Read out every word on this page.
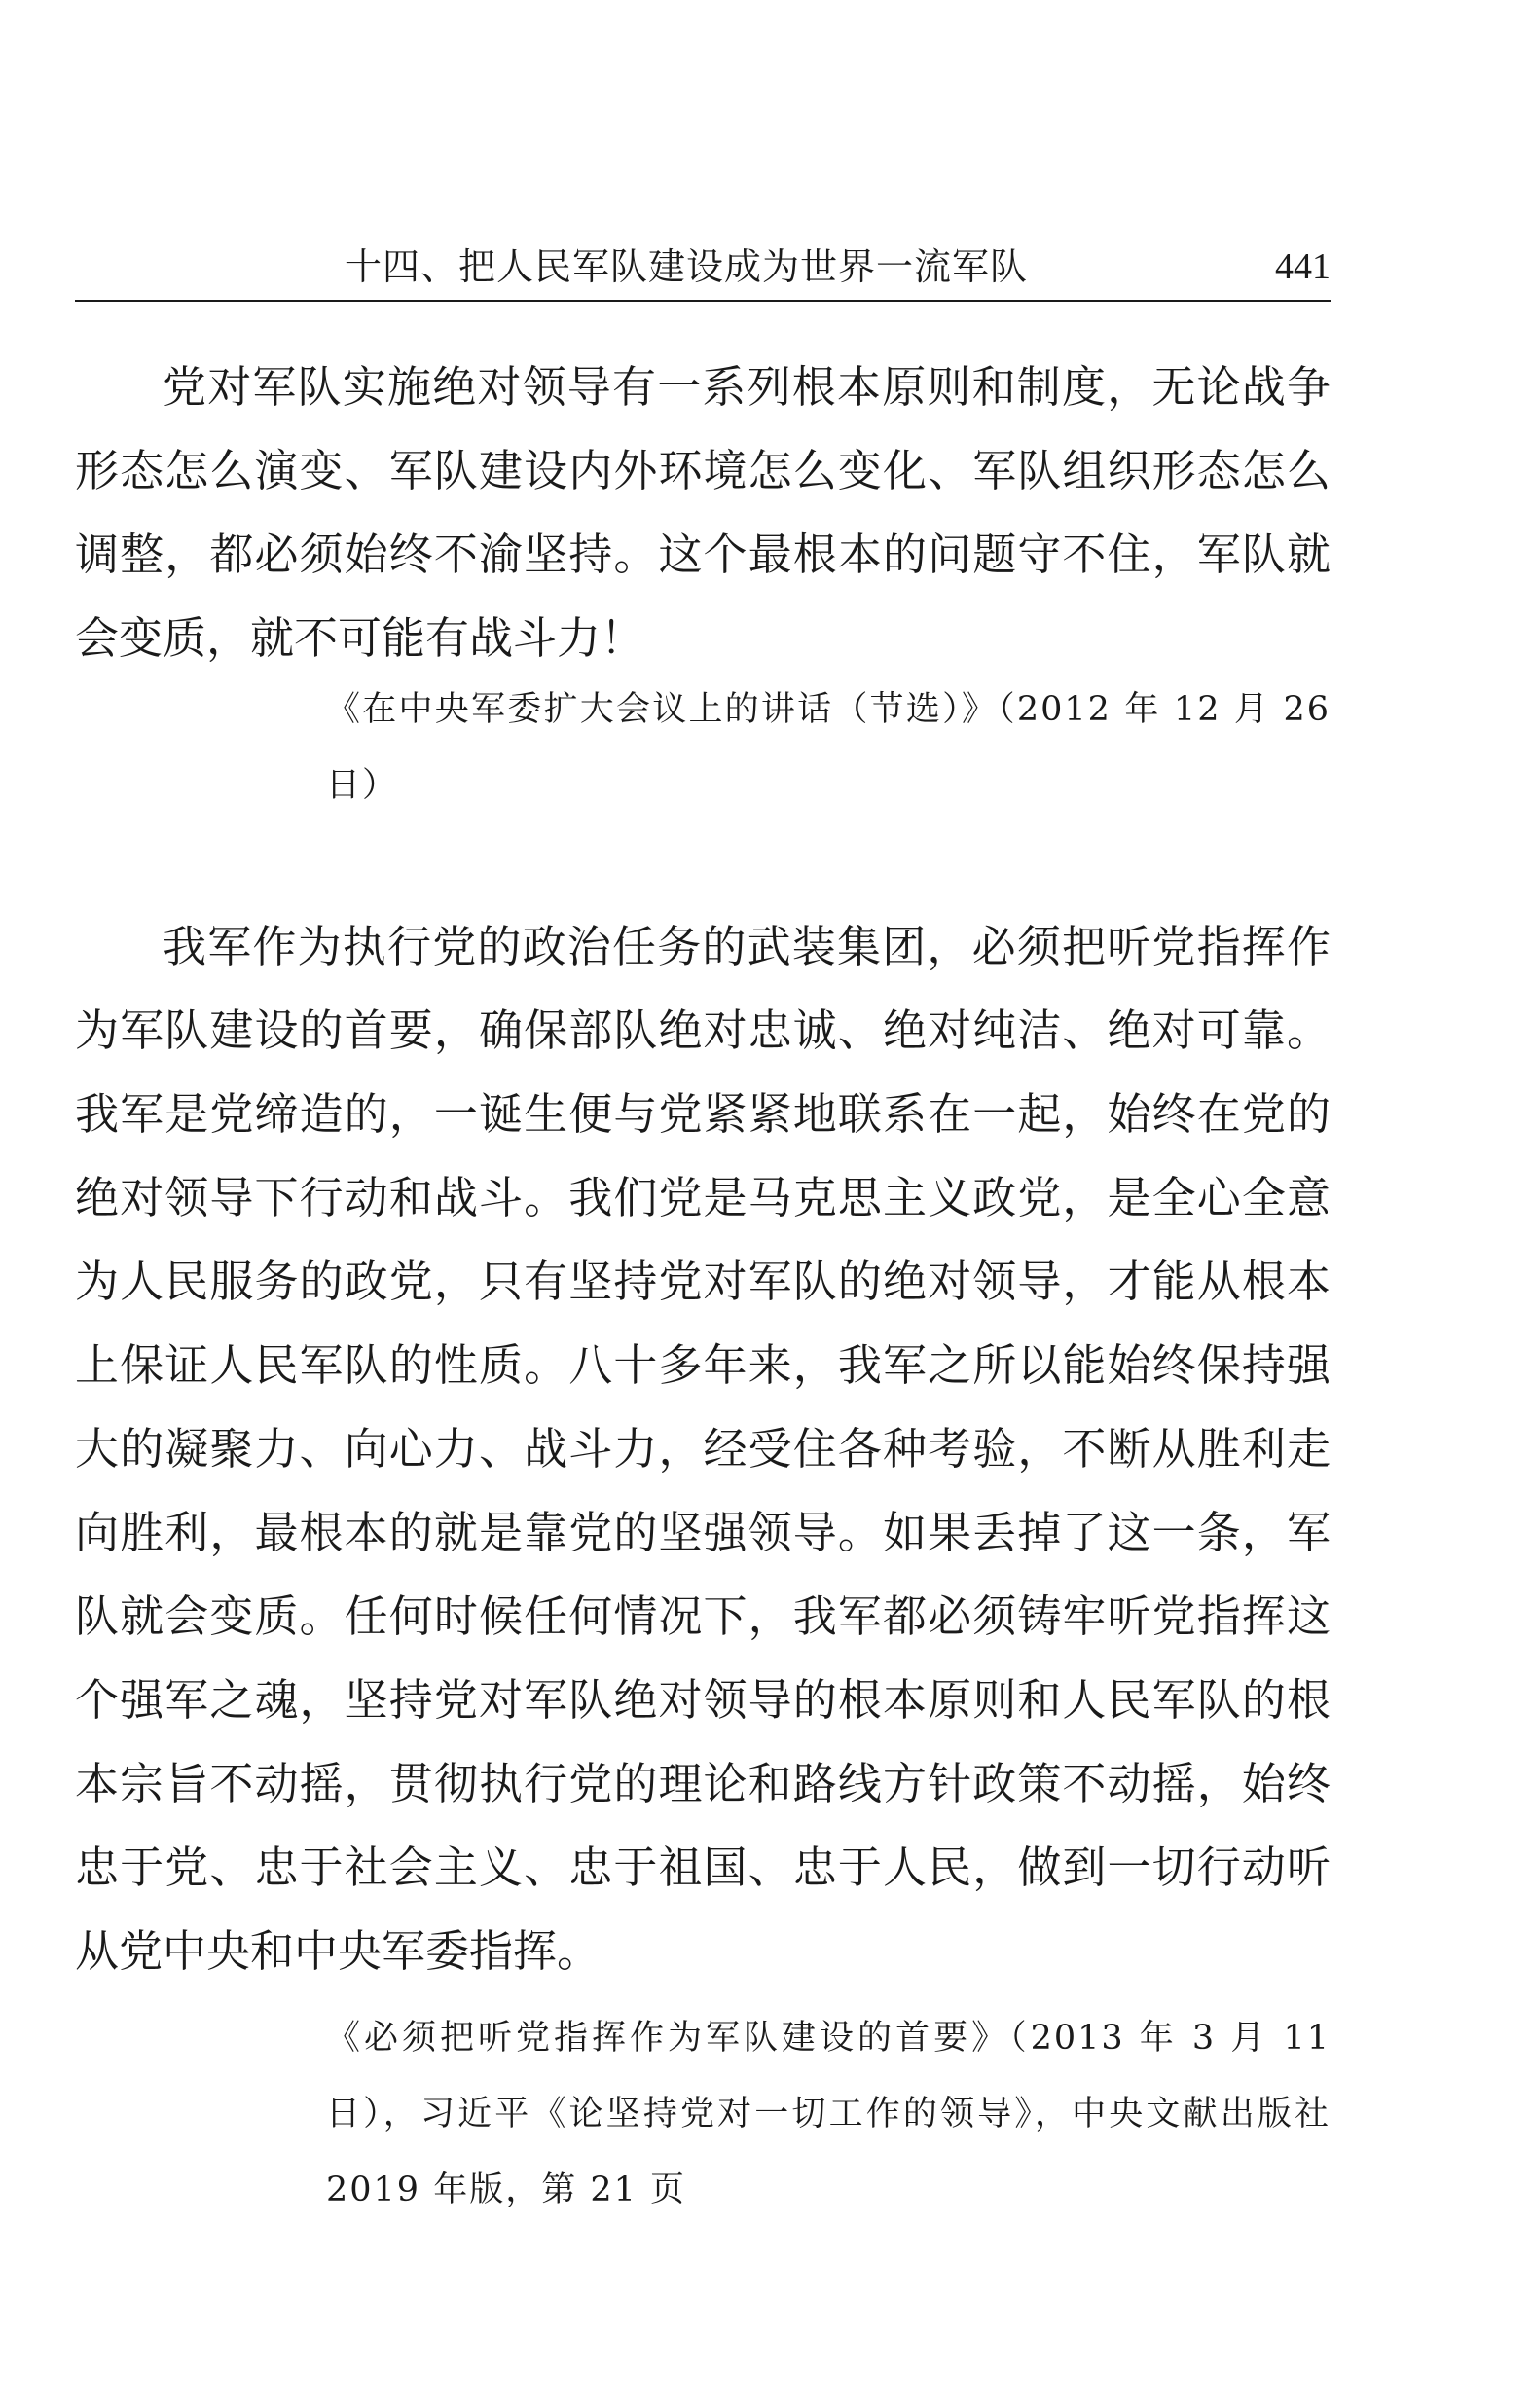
十四、把人民军队建设成为世界一流军队	441

党对军队实施绝对领导有一系列根本原则和制度，无论战争形态怎么演变、军队建设内外环境怎么变化、军队组织形态怎么调整，都必须始终不渝坚持。这个最根本的问题守不住，军队就会变质，就不可能有战斗力！

《在中央军委扩大会议上的讲话（节选）》（2012 年 12 月 26 日）

我军作为执行党的政治任务的武装集团，必须把听党指挥作为军队建设的首要，确保部队绝对忠诚、绝对纯洁、绝对可靠。我军是党缔造的，一诞生便与党紧紧地联系在一起，始终在党的绝对领导下行动和战斗。我们党是马克思主义政党，是全心全意为人民服务的政党，只有坚持党对军队的绝对领导，才能从根本上保证人民军队的性质。八十多年来，我军之所以能始终保持强大的凝聚力、向心力、战斗力，经受住各种考验，不断从胜利走向胜利，最根本的就是靠党的坚强领导。如果丢掉了这一条，军队就会变质。任何时候任何情况下，我军都必须铸牢听党指挥这个强军之魂，坚持党对军队绝对领导的根本原则和人民军队的根本宗旨不动摇，贯彻执行党的理论和路线方针政策不动摇，始终忠于党、忠于社会主义、忠于祖国、忠于人民，做到一切行动听从党中央和中央军委指挥。

《必须把听党指挥作为军队建设的首要》（2013 年 3 月 11 日），习近平《论坚持党对一切工作的领导》，中央文献出版社 2019 年版，第 21 页
